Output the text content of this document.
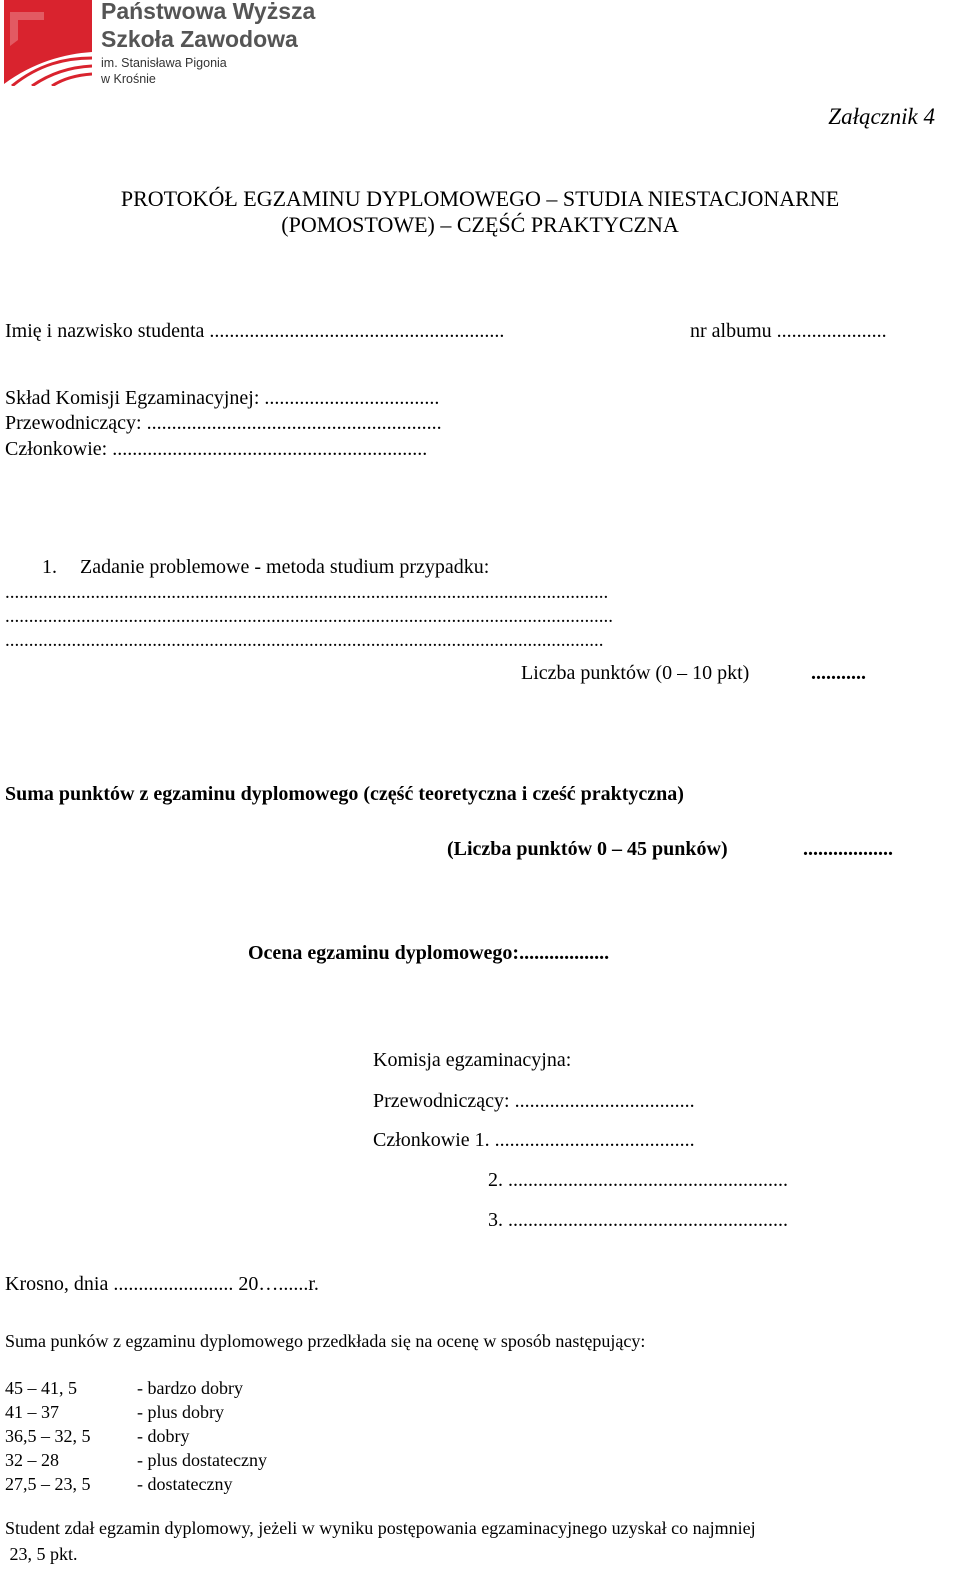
Państwowa Wyższa
Szkoła Zawodowa
im. Stanisława Pigonia
w Krośnie
Załącznik 4
PROTOKÓŁ EGZAMINU DYPLOMOWEGO – STUDIA NIESTACJONARNE
(POMOSTOWE) – CZĘŚĆ PRAKTYCZNA
Imię i nazwisko studenta ...........................................................	nr albumu ......................
Skład Komisji Egzaminacyjnej: ...................................
Przewodniczący: ...........................................................
Członkowie: ...............................................................
1. Zadanie problemowe - metoda studium przypadku:
...............................................................................................................................
................................................................................................................................
..............................................................................................................................
Liczba punktów (0 – 10 pkt)	...........
Suma punktów z egzaminu dyplomowego (część teoretyczna i cześć praktyczna)
(Liczba punktów 0 – 45 punków)	..................
Ocena egzaminu dyplomowego:..................
Komisja egzaminacyjna:
Przewodniczący: ....................................
Członkowie 1. ........................................
2. ........................................................
3. ........................................................
Krosno, dnia ........................ 20…......r.
Suma punków z egzaminu dyplomowego przedkłada się na ocenę w sposób następujący:
45 – 41, 5	- bardzo dobry
41 – 37	- plus dobry
36,5 – 32, 5	- dobry
32 – 28	- plus dostateczny
27,5 – 23, 5	- dostateczny
Student zdał egzamin dyplomowy, jeżeli w wyniku postępowania egzaminacyjnego uzyskał co najmniej
23, 5 pkt.
